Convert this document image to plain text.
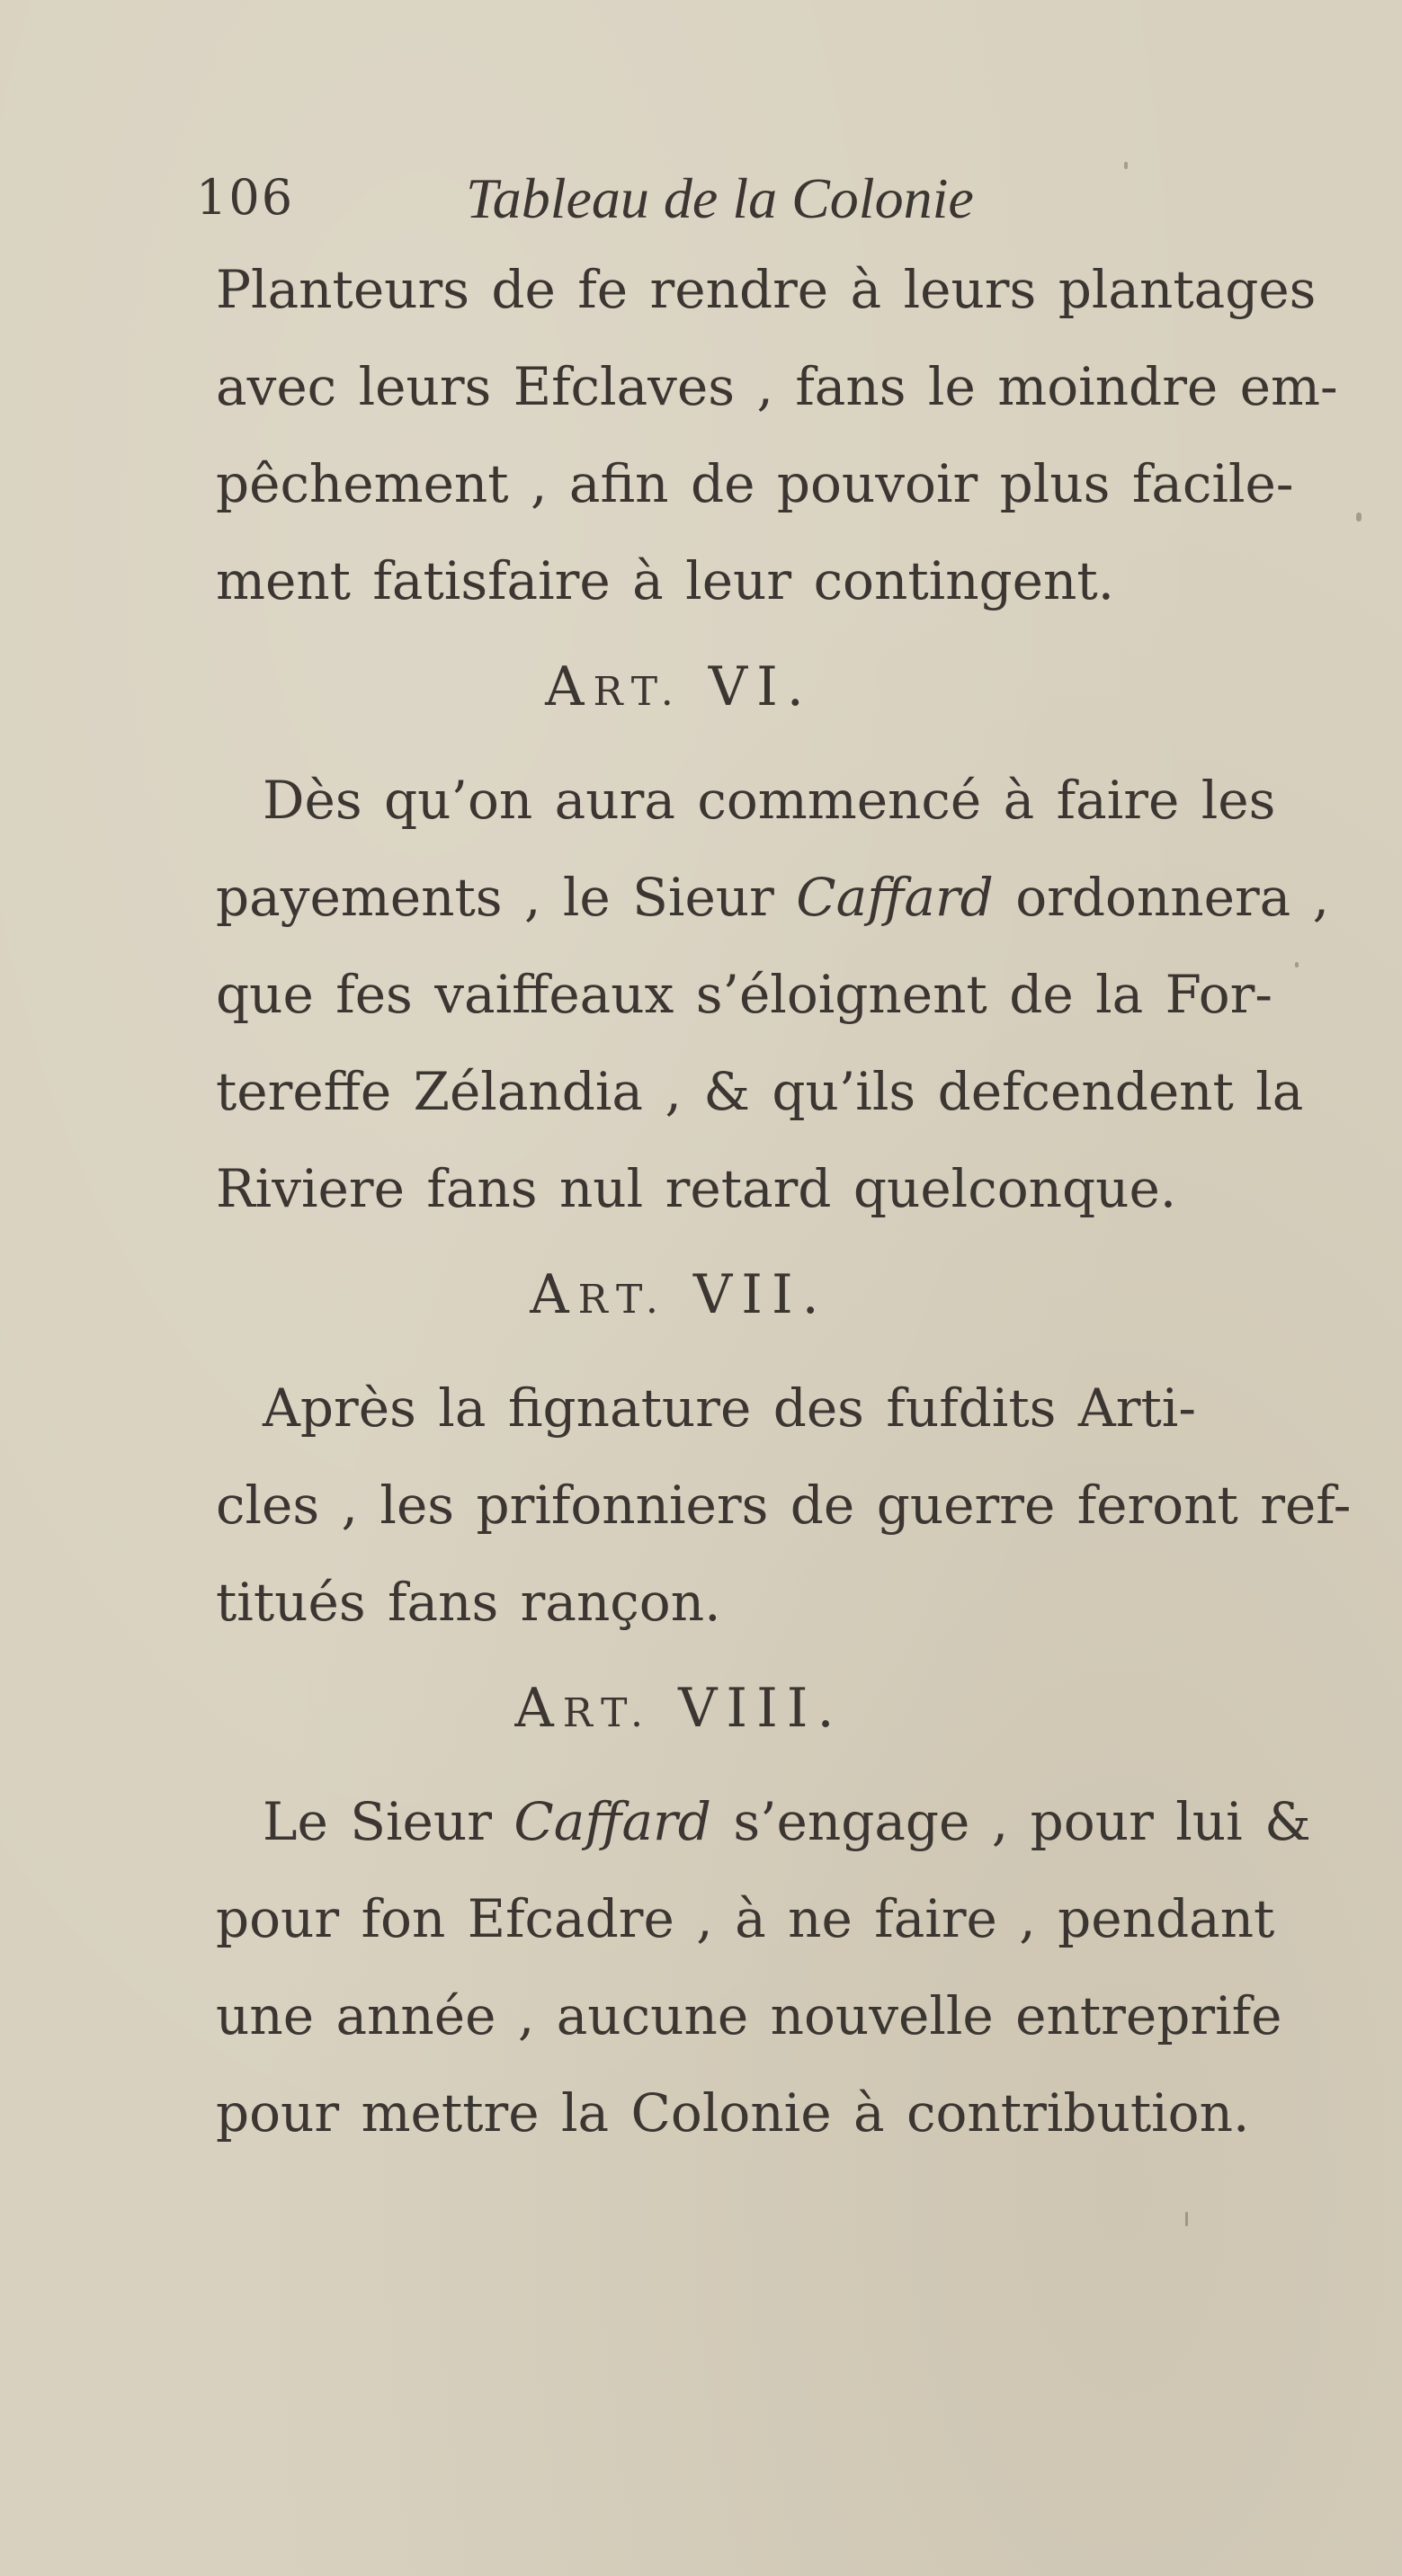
106	Tableau de la Colonie
Planteurs de fe rendre à leurs plantages
avec leurs Efclaves , fans le moindre em-
pêchement , afin de pouvoir plus facile-
ment fatisfaire à leur contingent.
ART. VI.
Dès qu’on aura commencé à faire les
payements , le Sieur Caffard ordonnera ,
que fes vaiffeaux s’éloignent de la For-
tereffe Zélandia , & qu’ils defcendent la
Riviere fans nul retard quelconque.
ART. VII.
Après la fignature des fufdits Arti-
cles , les prifonniers de guerre feront ref-
titués fans rançon.
ART. VIII.
Le Sieur Caffard s’engage , pour lui &
pour fon Efcadre , à ne faire , pendant
une année , aucune nouvelle entreprife
pour mettre la Colonie à contribution.
